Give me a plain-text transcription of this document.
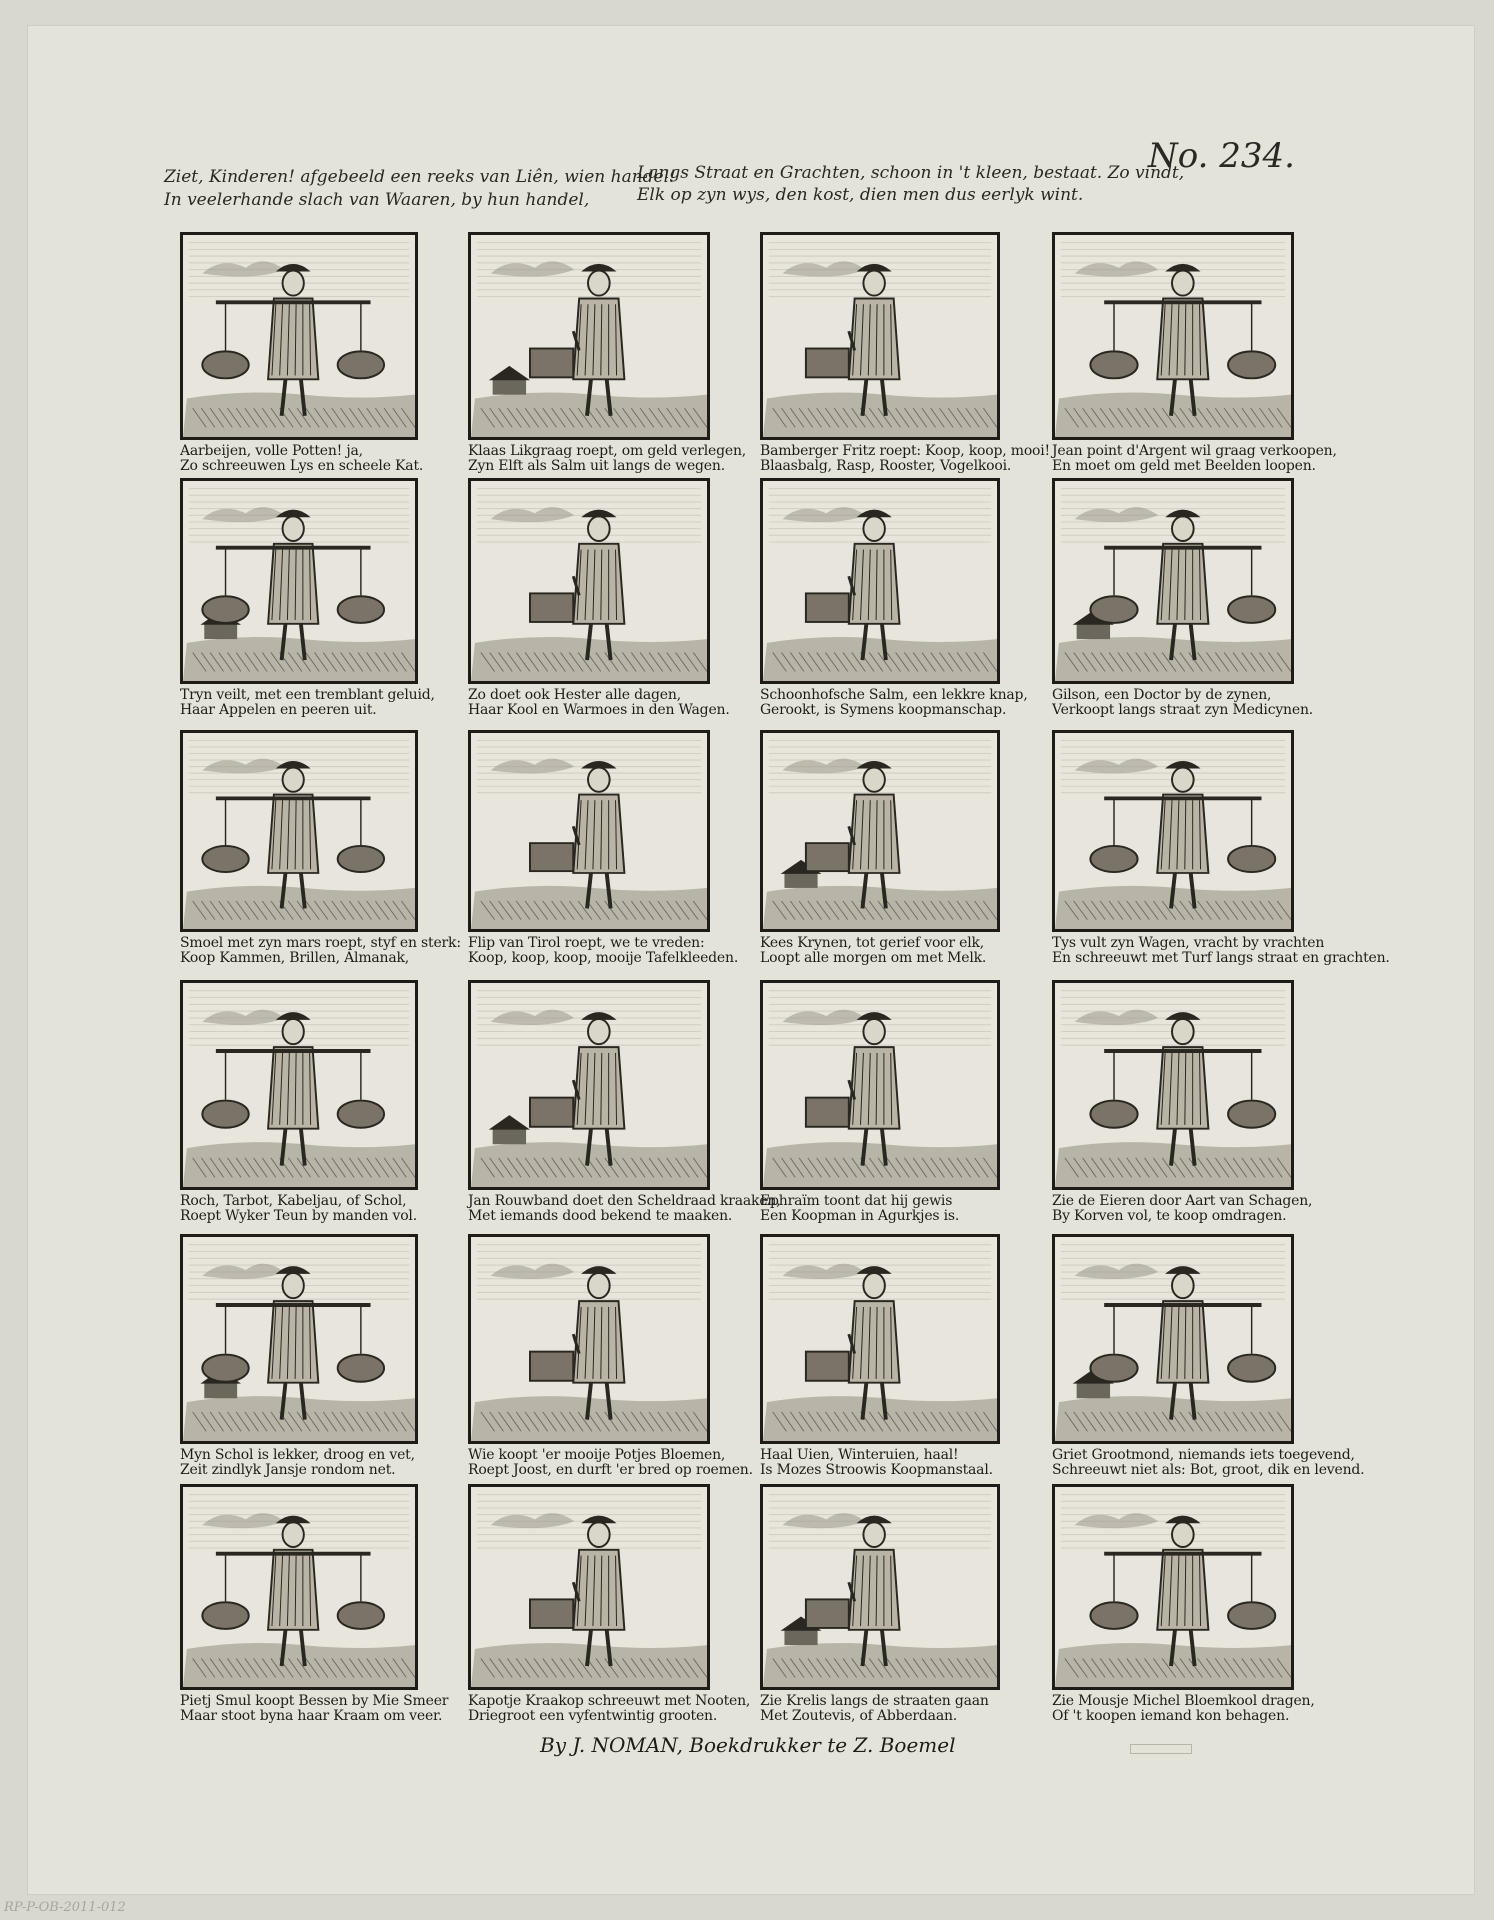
Ziet, Kinderen! afgebeeld een reeks van Liên, wien handel!
Langs Straat en Grachten, schoon in 't kleen, bestaat. Zo vindt,
In veelerhande slach van Waaren, by hun handel,	Elk op zyn wys, den kost, dien men dus eerlyk wint.
No. 234.
Aarbeijen, volle Potten! ja,
Zo schreeuwen Lys en scheele Kat.
Klaas Likgraag roept, om geld verlegen,
Zyn Elft als Salm uit langs de wegen.
Bamberger Fritz roept: Koop, koop, mooi!
Blaasbalg, Rasp, Rooster, Vogelkooi.
Jean point d'Argent wil graag verkoopen,
En moet om geld met Beelden loopen.
Tryn veilt, met een tremblant geluid,
Haar Appelen en peeren uit.
Zo doet ook Hester alle dagen,
Haar Kool en Warmoes in den Wagen.
Schoonhofsche Salm, een lekkre knap,
Gerookt, is Symens koopmanschap.
Gilson, een Doctor by de zynen,
Verkoopt langs straat zyn Medicynen.
Smoel met zyn mars roept, styf en sterk:
Koop Kammen, Brillen, Almanak,
Flip van Tirol roept, we te vreden:
Koop, koop, koop, mooije Tafelkleeden.
Kees Krynen, tot gerief voor elk,
Loopt alle morgen om met Melk.
Tys vult zyn Wagen, vracht by vrachten
En schreeuwt met Turf langs straat en grachten.
Roch, Tarbot, Kabeljau, of Schol,
Roept Wyker Teun by manden vol.
Jan Rouwband doet den Scheldraad kraaken,
Met iemands dood bekend te maaken.
Ephraïm toont dat hij gewis
Een Koopman in Agurkjes is.
Zie de Eieren door Aart van Schagen,
By Korven vol, te koop omdragen.
Myn Schol is lekker, droog en vet,
Zeit zindlyk Jansje rondom net.
Wie koopt 'er mooije Potjes Bloemen,
Roept Joost, en durft 'er bred op roemen.
Haal Uien, Winteruien, haal!
Is Mozes Stroowis Koopmanstaal.
Griet Grootmond, niemands iets toegevend,
Schreeuwt niet als: Bot, groot, dik en levend.
Pietj Smul koopt Bessen by Mie Smeer
Maar stoot byna haar Kraam om veer.
Kapotje Kraakop schreeuwt met Nooten,
Driegroot een vyfentwintig grooten.
Zie Krelis langs de straaten gaan
Met Zoutevis, of Abberdaan.
Zie Mousje Michel Bloemkool dragen,
Of 't koopen iemand kon behagen.
By J. NOMAN, Boekdrukker te Z. Boemel
RP-P-OB-2011-012
